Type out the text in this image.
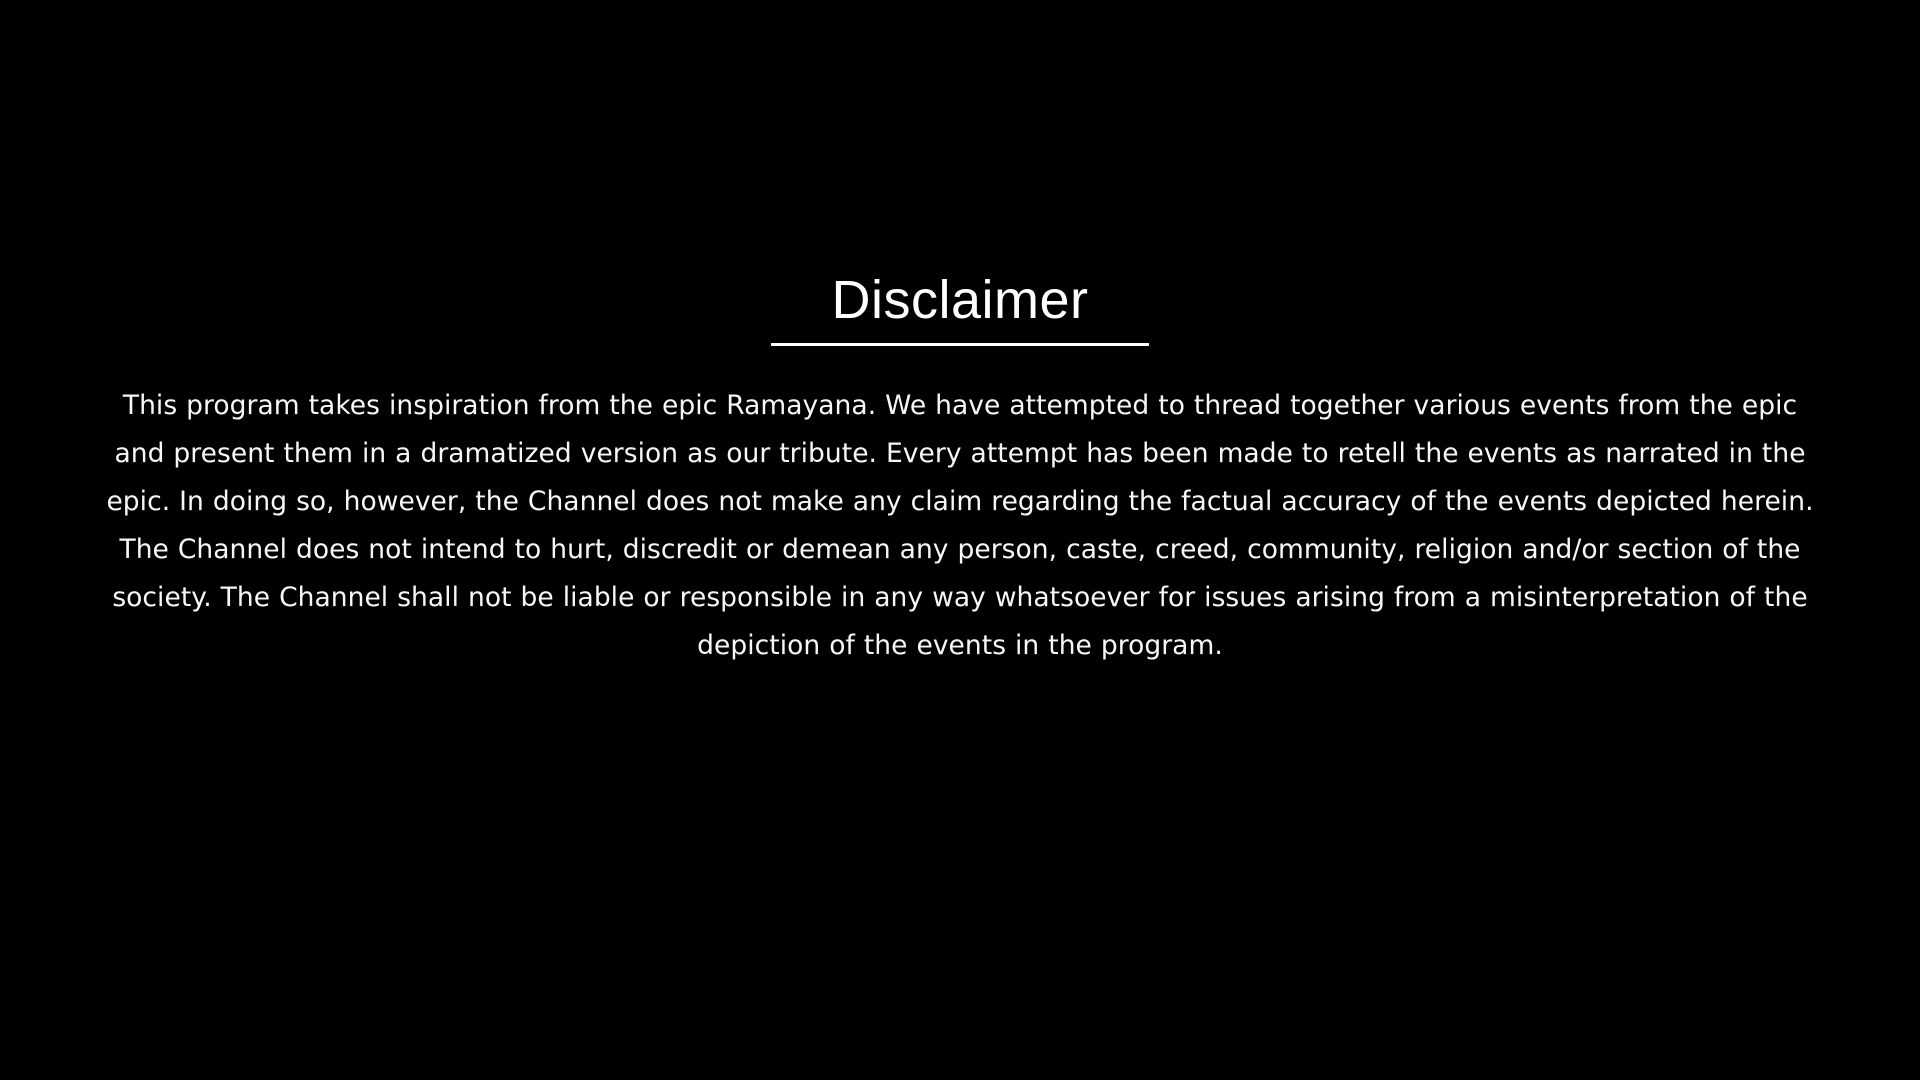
Disclaimer
This program takes inspiration from the epic Ramayana. We have attempted to thread together various events from the epic and present them in a dramatized version as our tribute. Every attempt has been made to retell the events as narrated in the epic. In doing so, however, the Channel does not make any claim regarding the factual accuracy of the events depicted herein. The Channel does not intend to hurt, discredit or demean any person, caste, creed, community, religion and/or section of the society. The Channel shall not be liable or responsible in any way whatsoever for issues arising from a misinterpretation of the depiction of the events in the program.
